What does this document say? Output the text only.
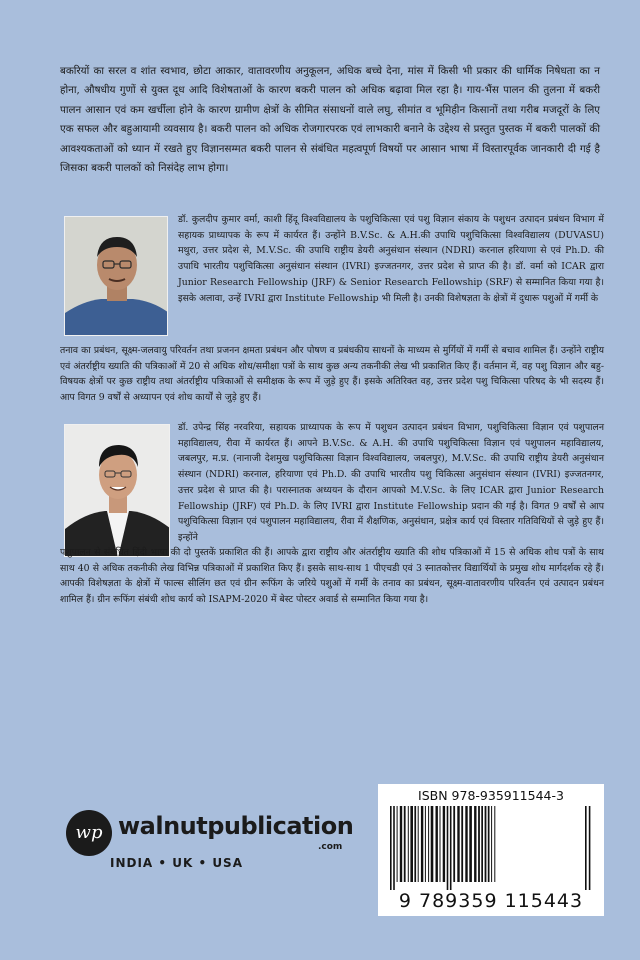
बकरियों का सरल व शांत स्वभाव, छोटा आकार, वातावरणीय अनुकूलन, अधिक बच्चे देना, मांस में किसी भी प्रकार की धार्मिक निषेधता का न होना, औषधीय गुणों से युक्त दूध आदि विशेषताओं के कारण बकरी पालन को अधिक बढ़ावा मिल रहा है। गाय-भैंस पालन की तुलना में बकरी पालन आसान एवं कम खर्चीला होने के कारण ग्रामीण क्षेत्रों के सीमित संसाधनों वाले लघु, सीमांत व भूमिहीन किसानों तथा गरीब मजदूरों के लिए एक सफल और बहुआयामी व्यवसाय है। बकरी पालन को अधिक रोजगारपरक एवं लाभकारी बनाने के उद्देश्य से प्रस्तुत पुस्तक में बकरी पालकों की आवश्यकताओं को ध्यान में रखते हुए विज्ञानसम्मत बकरी पालन से संबंधित महत्वपूर्ण विषयों पर आसान भाषा में विस्तारपूर्वक जानकारी दी गई है जिसका बकरी पालकों को निसंदेह लाभ होगा।

डॉ. कुलदीप कुमार वर्मा, काशी हिंदू विश्वविद्यालय के पशुचिकित्सा एवं पशु विज्ञान संकाय के पशुधन उत्पादन प्रबंधन विभाग में सहायक प्राध्यापक के रूप में कार्यरत हैं। उन्होंने B.V.Sc. & A.H.की उपाधि पशुचिकित्सा विश्वविद्यालय (DUVASU) मथुरा, उत्तर प्रदेश से, M.V.Sc. की उपाधि राष्ट्रीय डेयरी अनुसंधान संस्थान (NDRI) करनाल हरियाणा से एवं Ph.D. की उपाधि भारतीय पशुचिकित्सा अनुसंधान संस्थान (IVRI) इज्जतनगर, उत्तर प्रदेश से प्राप्त की है। डॉ. वर्मा को ICAR द्वारा Junior Research Fellowship (JRF) & Senior Research Fellowship (SRF) से सम्मानित किया गया है। इसके अलावा, उन्हें IVRI द्वारा Institute Fellowship भी मिली है। उनकी विशेषज्ञता के क्षेत्रों में दुधारू पशुओं में गर्मी के

तनाव का प्रबंधन, सूक्ष्म-जलवायु परिवर्तन तथा प्रजनन क्षमता प्रबंधन और पोषण व प्रबंधकीय साधनों के माध्यम से मुर्गियों में गर्मी से बचाव शामिल हैं। उन्होंने राष्ट्रीय एवं अंतर्राष्ट्रीय ख्याति की पत्रिकाओं में 20 से अधिक शोध/समीक्षा पत्रों के साथ कुछ अन्य तकनीकी लेख भी प्रकाशित किए हैं। वर्तमान में, वह पशु विज्ञान और बहु-विषयक क्षेत्रों पर कुछ राष्ट्रीय तथा अंतर्राष्ट्रीय पत्रिकाओं से समीक्षक के रूप में जुड़े हुए हैं। इसके अतिरिक्त वह, उत्तर प्रदेश पशु चिकित्सा परिषद के भी सदस्य हैं। आप विगत 9 वर्षों से अध्यापन एवं शोध कार्यों से जुड़े हुए हैं।

डॉ. उपेन्द्र सिंह नरवरिया, सहायक प्राध्यापक के रूप में पशुधन उत्पादन प्रबंधन विभाग, पशुचिकित्सा विज्ञान एवं पशुपालन महाविद्यालय, रीवा में कार्यरत हैं। आपने B.V.Sc. & A.H. की उपाधि पशुचिकित्सा विज्ञान एवं पशुपालन महाविद्यालय, जबलपुर, म.प्र. (नानाजी देशमुख पशुचिकित्सा विज्ञान विश्वविद्यालय, जबलपुर), M.V.Sc. की उपाधि राष्ट्रीय डेयरी अनुसंधान संस्थान (NDRI) करनाल, हरियाणा एवं Ph.D. की उपाधि भारतीय पशु चिकित्सा अनुसंधान संस्थान (IVRI) इज्जतनगर, उत्तर प्रदेश से प्राप्त की है। परास्नातक अध्ययन के दौरान आपको M.V.Sc. के लिए ICAR द्वारा Junior Research Fellowship (JRF) एवं Ph.D. के लिए IVRI द्वारा Institute Fellowship प्रदान की गई है। विगत 9 वर्षों से आप पशुचिकित्सा विज्ञान एवं पशुपालन महाविद्यालय, रीवा में शैक्षणिक, अनुसंधान, प्रक्षेत्र कार्य एवं विस्तार गतिविधियों से जुड़े हुए हैं। इन्होंने

पशुपालन से संबंधित हिंदी भाषा की दो पुस्तकें प्रकाशित की हैं। आपके द्वारा राष्ट्रीय और अंतर्राष्ट्रीय ख्याति की शोध पत्रिकाओं में 15 से अधिक शोध पत्रों के साथ साथ 40 से अधिक तकनीकी लेख विभिन्न पत्रिकाओं में प्रकाशित किए हैं। इसके साथ-साथ 1 पीएचडी एवं 3 स्नातकोत्तर विद्यार्थियों के प्रमुख शोध मार्गदर्शक रहे हैं। आपकी विशेषज्ञता के क्षेत्रों में फाल्स सीलिंग छत एवं ग्रीन रूफिंग के जरिये पशुओं में गर्मी के तनाव का प्रबंधन, सूक्ष्म-वातावरणीय परिवर्तन एवं उत्पादन प्रबंधन शामिल हैं। ग्रीन रूफिंग संबंधी शोध कार्य को ISAPM-2020 में बेस्ट पोस्टर अवार्ड से सम्मानित किया गया है।

wp walnutpublication
.com
INDIA • UK • USA
ISBN 978-935911544-3
9 789359 115443
